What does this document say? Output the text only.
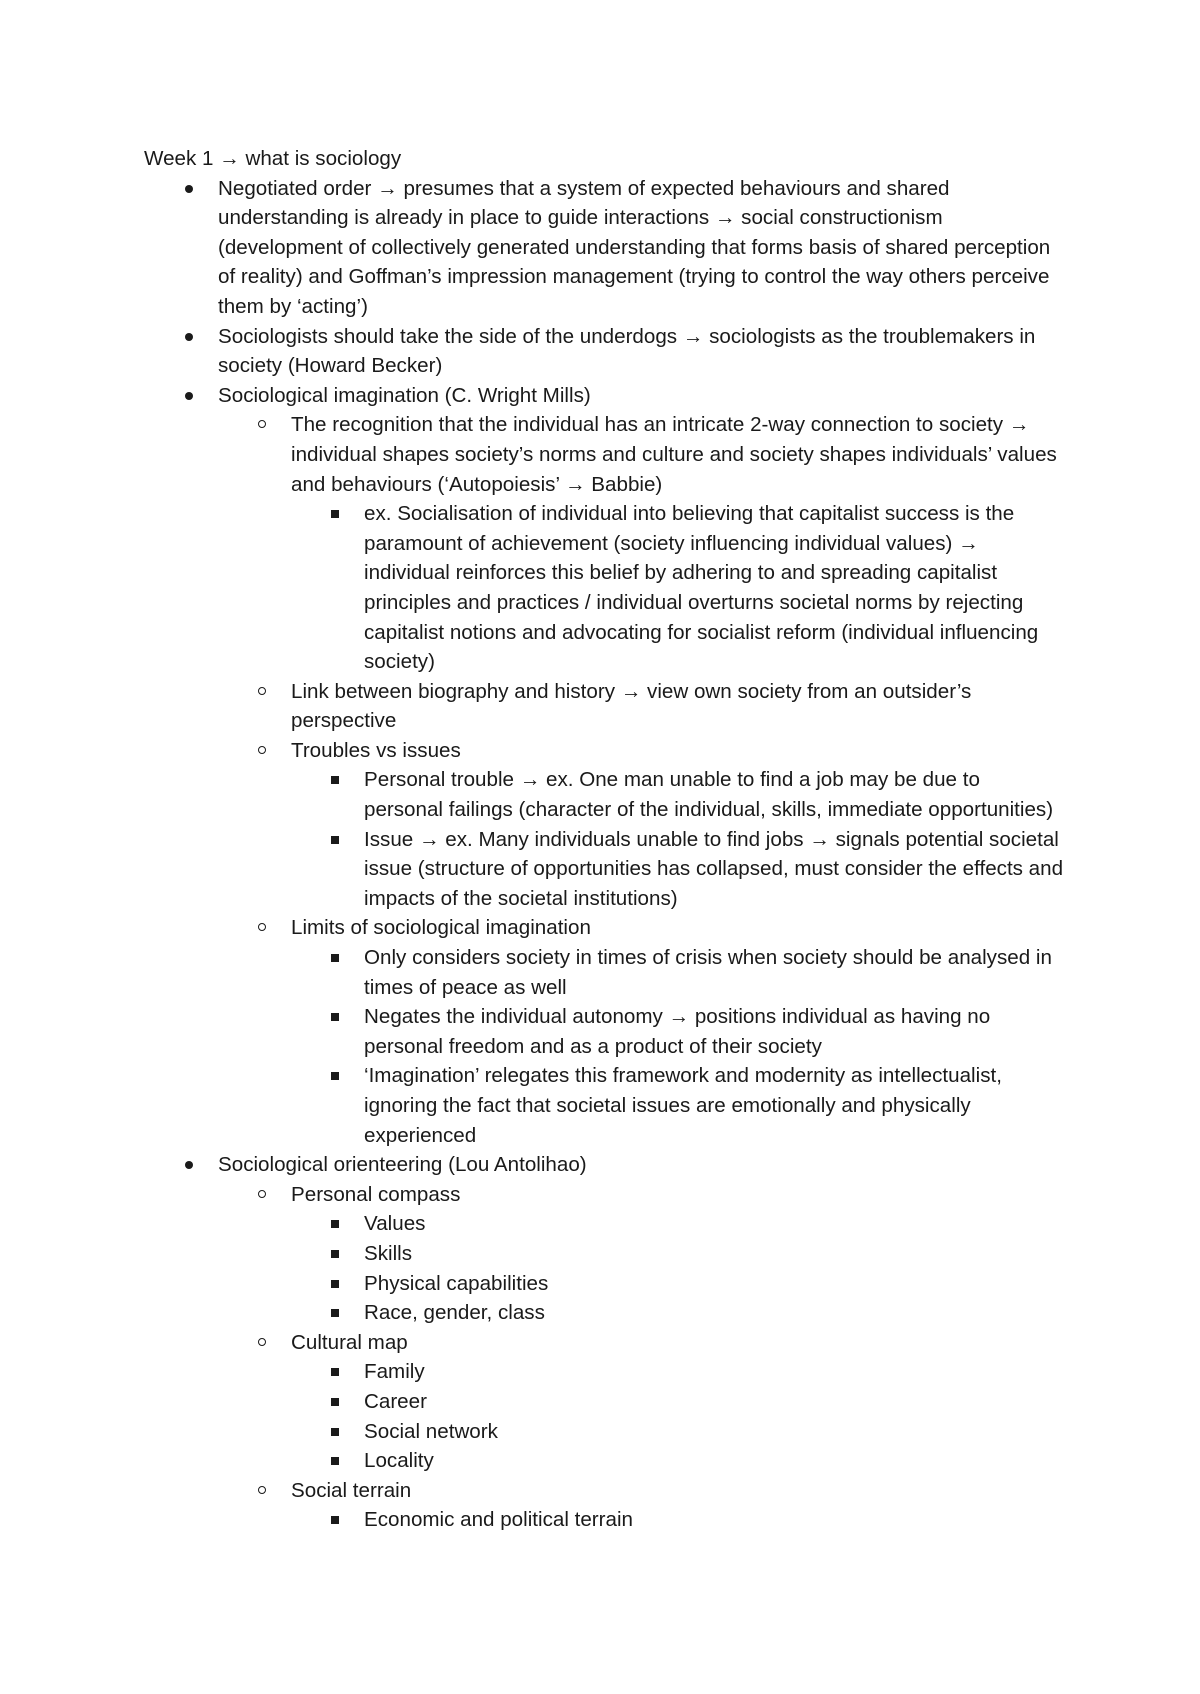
Week 1 → what is sociology

Negotiated order → presumes that a system of expected behaviours and shared understanding is already in place to guide interactions → social constructionism (development of collectively generated understanding that forms basis of shared perception of reality) and Goffman’s impression management (trying to control the way others perceive them by ‘acting’)
Sociologists should take the side of the underdogs → sociologists as the troublemakers in society (Howard Becker)
Sociological imagination (C. Wright Mills)
The recognition that the individual has an intricate 2-way connection to society → individual shapes society’s norms and culture and society shapes individuals’ values and behaviours (‘Autopoiesis’ → Babbie)
ex. Socialisation of individual into believing that capitalist success is the paramount of achievement (society influencing individual values) → individual reinforces this belief by adhering to and spreading capitalist principles and practices / individual overturns societal norms by rejecting capitalist notions and advocating for socialist reform (individual influencing society)
Link between biography and history → view own society from an outsider’s perspective
Troubles vs issues
Personal trouble → ex. One man unable to find a job may be due to personal failings (character of the individual, skills, immediate opportunities)
Issue → ex. Many individuals unable to find jobs → signals potential societal issue (structure of opportunities has collapsed, must consider the effects and impacts of the societal institutions)
Limits of sociological imagination
Only considers society in times of crisis when society should be analysed in times of peace as well
Negates the individual autonomy → positions individual as having no personal freedom and as a product of their society
‘Imagination’ relegates this framework and modernity as intellectualist, ignoring the fact that societal issues are emotionally and physically experienced
Sociological orienteering (Lou Antolihao)
Personal compass
Values
Skills
Physical capabilities
Race, gender, class
Cultural map
Family
Career
Social network
Locality
Social terrain
Economic and political terrain
